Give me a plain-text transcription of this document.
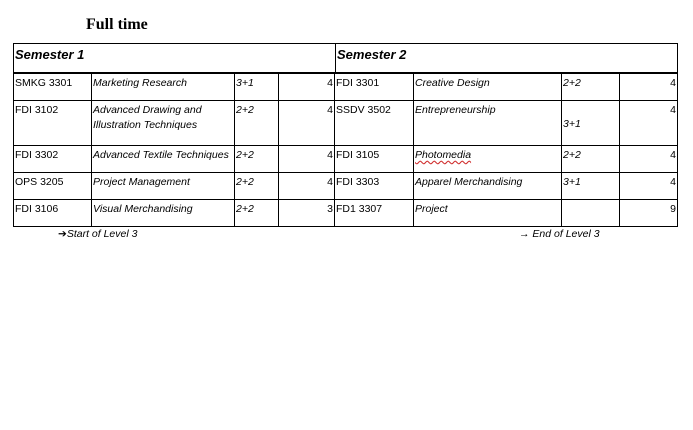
Full time
Semester 1	Semester 2
SMKG 3301	Marketing Research	3+1	4	FDI 3301	Creative Design	2+2	4
FDI 3102	Advanced Drawing and Illustration Techniques	2+2	4	SSDV 3502	Entrepreneurship	3+1	4
FDI 3302	Advanced Textile Techniques	2+2	4	FDI 3105	Photomedia	2+2	4
OPS 3205	Project Management	2+2	4	FDI 3303	Apparel Merchandising	3+1	4
FDI 3106	Visual Merchandising	2+2	3	FD1 3307	Project		9
➔Start of Level 3	→ End of Level 3
